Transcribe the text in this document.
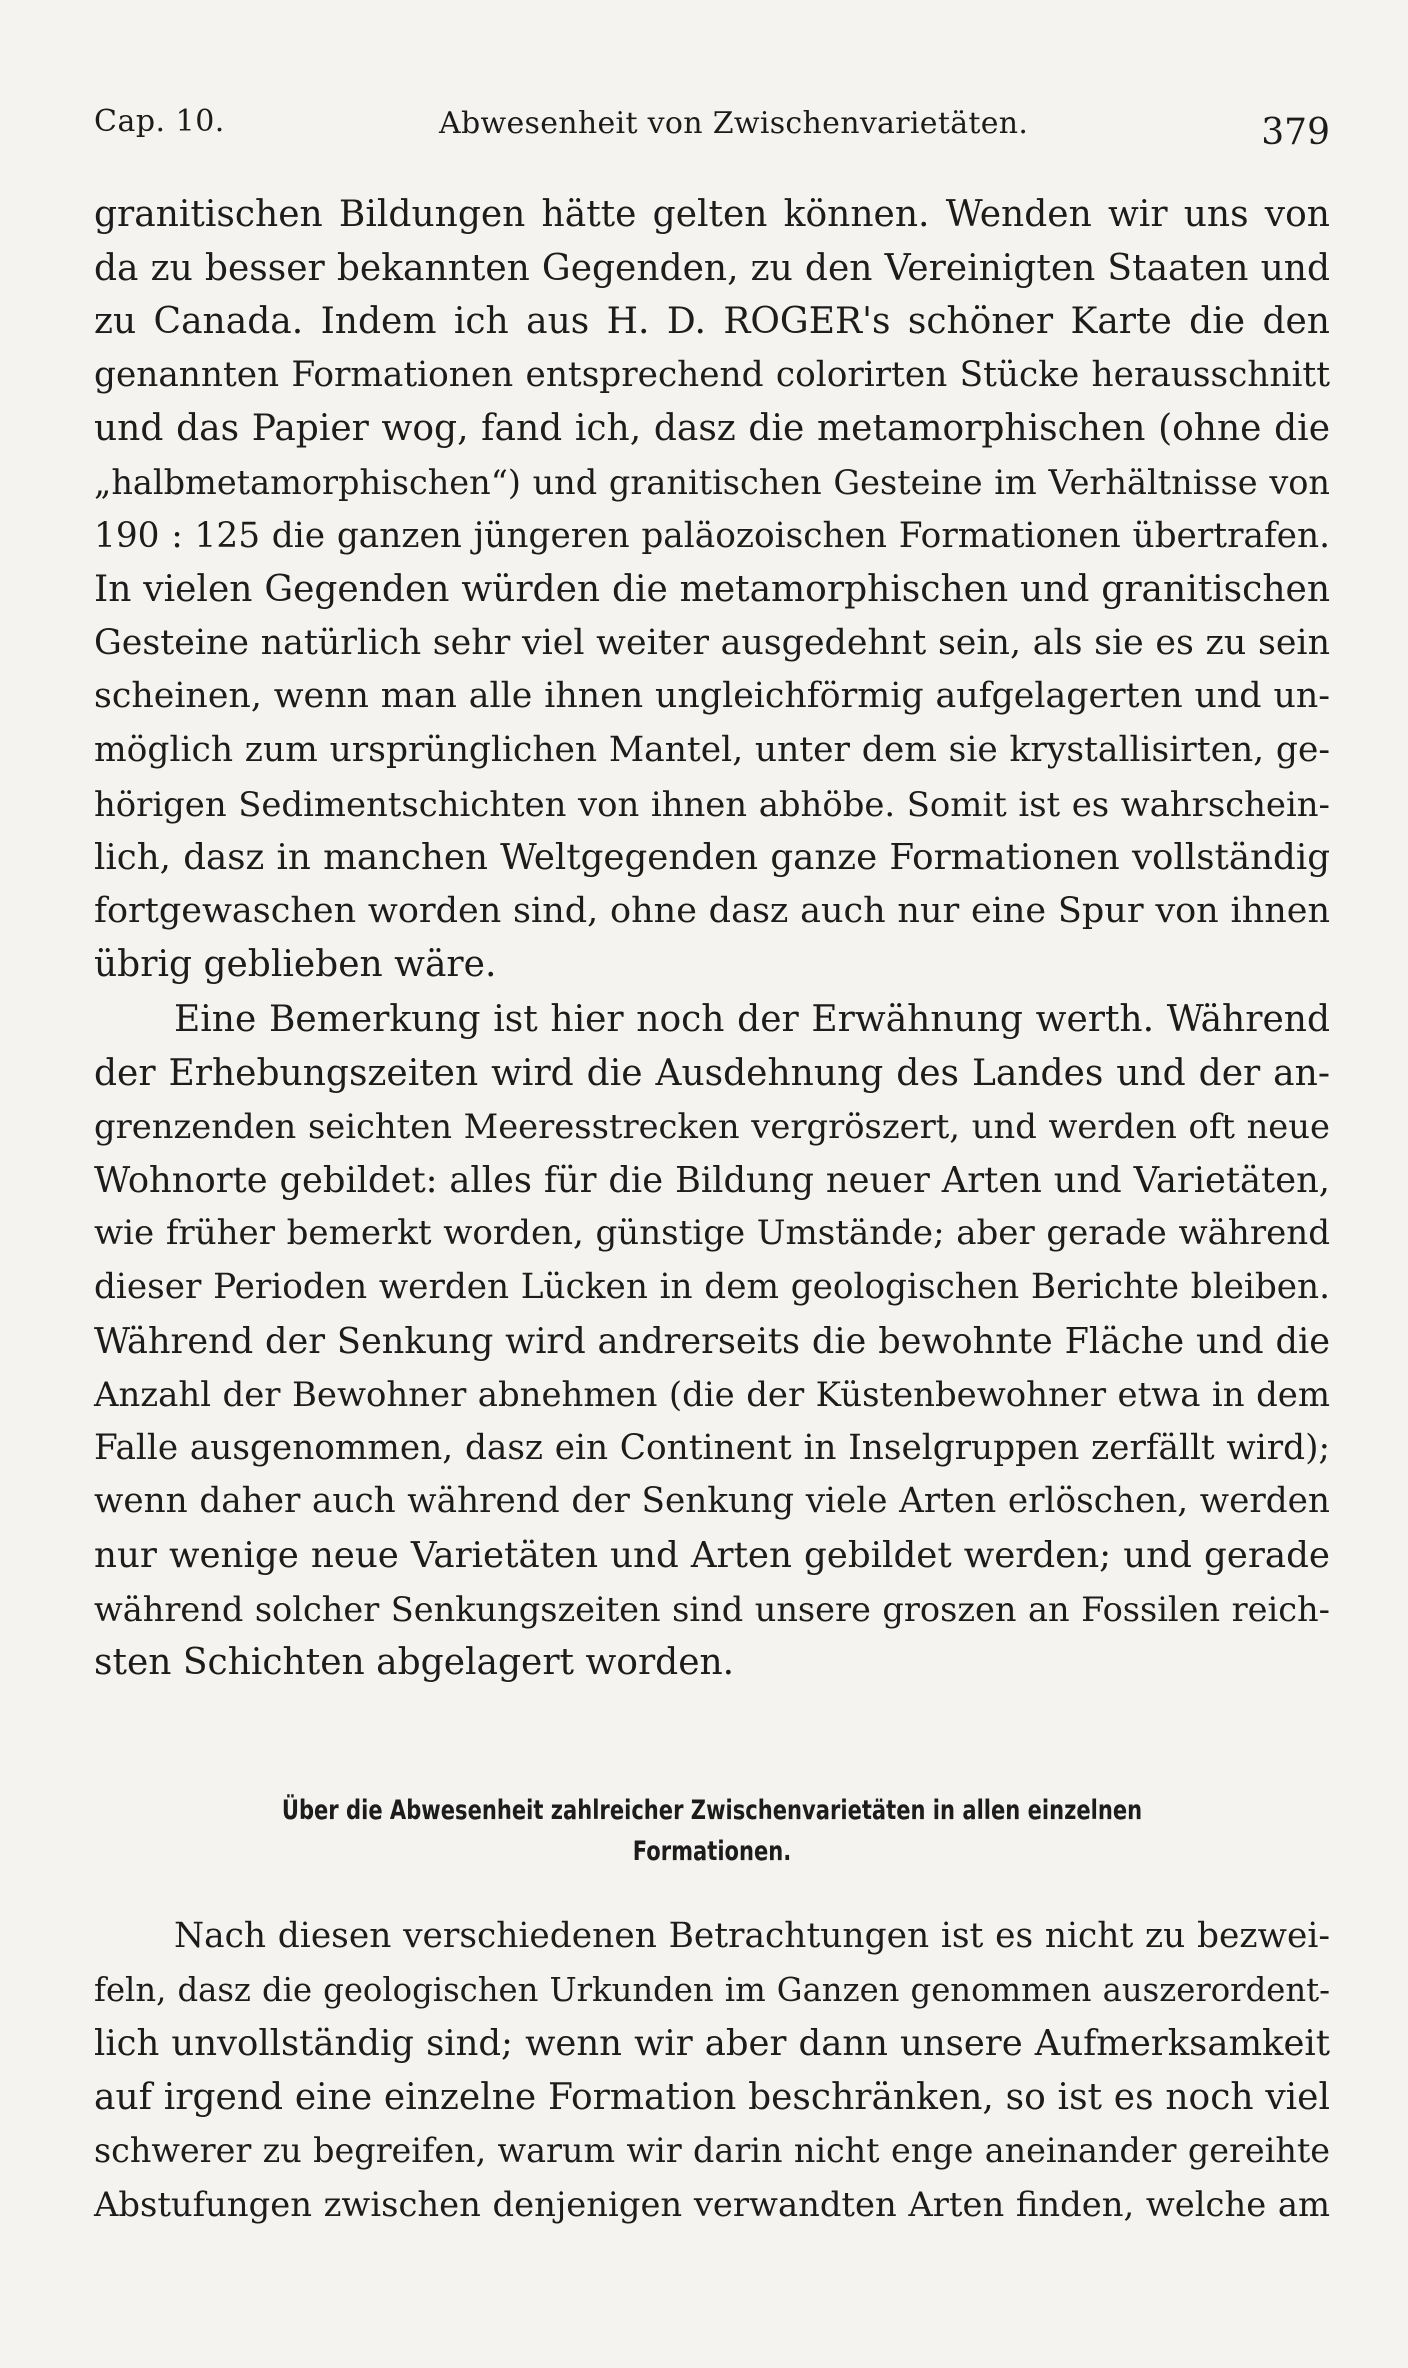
Cap. 10.	Abwesenheit von Zwischenvarietäten.	379
granitischen Bildungen hätte gelten können. Wenden wir uns von
da zu besser bekannten Gegenden, zu den Vereinigten Staaten und
zu Canada. Indem ich aus H. D. ROGER's schöner Karte die den
genannten Formationen entsprechend colorirten Stücke herausschnitt
und das Papier wog, fand ich, dasz die metamorphischen (ohne die
„halbmetamorphischen“) und granitischen Gesteine im Verhältnisse von
190 : 125 die ganzen jüngeren paläozoischen Formationen übertrafen.
In vielen Gegenden würden die metamorphischen und granitischen
Gesteine natürlich sehr viel weiter ausgedehnt sein, als sie es zu sein
scheinen, wenn man alle ihnen ungleichförmig aufgelagerten und un-
möglich zum ursprünglichen Mantel, unter dem sie krystallisirten, ge-
hörigen Sedimentschichten von ihnen abhöbe. Somit ist es wahrschein-
lich, dasz in manchen Weltgegenden ganze Formationen vollständig
fortgewaschen worden sind, ohne dasz auch nur eine Spur von ihnen
übrig geblieben wäre.
Eine Bemerkung ist hier noch der Erwähnung werth. Während
der Erhebungszeiten wird die Ausdehnung des Landes und der an-
grenzenden seichten Meeresstrecken vergröszert, und werden oft neue
Wohnorte gebildet: alles für die Bildung neuer Arten und Varietäten,
wie früher bemerkt worden, günstige Umstände; aber gerade während
dieser Perioden werden Lücken in dem geologischen Berichte bleiben.
Während der Senkung wird andrerseits die bewohnte Fläche und die
Anzahl der Bewohner abnehmen (die der Küstenbewohner etwa in dem
Falle ausgenommen, dasz ein Continent in Inselgruppen zerfällt wird);
wenn daher auch während der Senkung viele Arten erlöschen, werden
nur wenige neue Varietäten und Arten gebildet werden; und gerade
während solcher Senkungszeiten sind unsere groszen an Fossilen reich-
sten Schichten abgelagert worden.
Über die Abwesenheit zahlreicher Zwischenvarietäten in allen einzelnen
Formationen.
Nach diesen verschiedenen Betrachtungen ist es nicht zu bezwei-
feln, dasz die geologischen Urkunden im Ganzen genommen auszerordent-
lich unvollständig sind; wenn wir aber dann unsere Aufmerksamkeit
auf irgend eine einzelne Formation beschränken, so ist es noch viel
schwerer zu begreifen, warum wir darin nicht enge aneinander gereihte
Abstufungen zwischen denjenigen verwandten Arten finden, welche am
